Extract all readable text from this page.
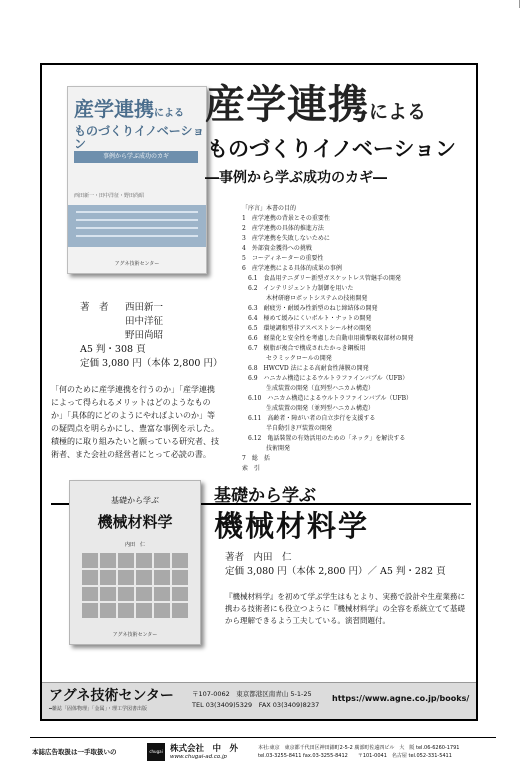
産学連携による
ものづくりイノベーション
事例から学ぶ成功のカギ
西田新一・田中洋征・野田尚昭
アグネ技術センター
産学連携による
ものづくりイノベーション
―事例から学ぶ成功のカギ―
著　者	西田新一
田中洋征
野田尚昭
A5 判・308 頁
定価 3,080 円（本体 2,800 円）
「何のために産学連携を行うのか」「産学連携によって得られるメリットはどのようなものか」「具体的にどのようにやればよいのか」等の疑問点を明らかにし、豊富な事例を示した。
積極的に取り組みたいと願っている研究者、技術者、また会社の経営者にとって必読の書。
「序言」本書の目的
1　産学連携の背景とその重要性
2　産学連携の具体的推進方法
3　産学連携を失敗しないために
4　外部資金獲得への挑戦
5　コーディネーターの重要性
6　産学連携による具体的成果の事例
　6.1　食品用テニダリー新型ガスケットレス管継手の開発
　6.2　インテリジェント力制御を用いた
　　　　木材研磨ロボットシステムの技術開発
　6.3　耐疲労・耐緩み性新型のねじ締結体の開発
　6.4　極めて緩みにくいボルト・ナットの開発
　6.5　環境調和型非アスベストシール材の開発
　6.6　軽量化と安全性を考慮した自動車用衝撃吸収部材の開発
　6.7　樹脂が複合で構成されたかっき鋼板用
　　　　セラミックロールの開発
　6.8　HWCVD 法による高耐食性薄膜の開発
　6.9　ハニカム構造によるウルトラファインバブル（UFB）
　　　　生成装置の開発（直列型ハニカム構造）
　6.10　ハニカム構造によるウルトラファインバブル（UFB）
　　　　生成装置の開発（並列型ハニカム構造）
　6.11　高齢者・障がい者の自立歩行を支援する
　　　　半自動引き戸装置の開発
　6.12　亀話裝置の有効活用のための「ネック」を解決する
　　　　技術開発
7　総　括
索　引
基礎から学ぶ
機械材料学
内田　仁
アグネ技術センター
基礎から学ぶ
機械材料学
著者　内田　仁
定価 3,080 円（本体 2,800 円）／ A5 判・282 頁
『機械材料学』を初めて学ぶ学生はもとより、実務で設計や生産業務に携わる技術者にも役立つように『機械材料学』の全容を系統立てて基礎から理解できるよう工夫している。演習問題付。
アグネ技術センター
━雑誌「固体物理」「金属」・理工学図書出版
〒107-0062　東京都港区南青山 5-1-25
TEL 03(3409)5329　FAX 03(3409)8237
https://www.agne.co.jp/books/
本誌広告取扱は一手取扱いの	chugai 株式会社　中　外
www.chugai-ad.co.jp
本社:東京　東京都千代田区神田錦町2-5-2 廣部町佐遠四ビル　大　阪 tel.06-6260-1791
tel.03-3255-8411 fax.03-3255-8412　　〒101-0041　名古屋 tel.052-331-5411
